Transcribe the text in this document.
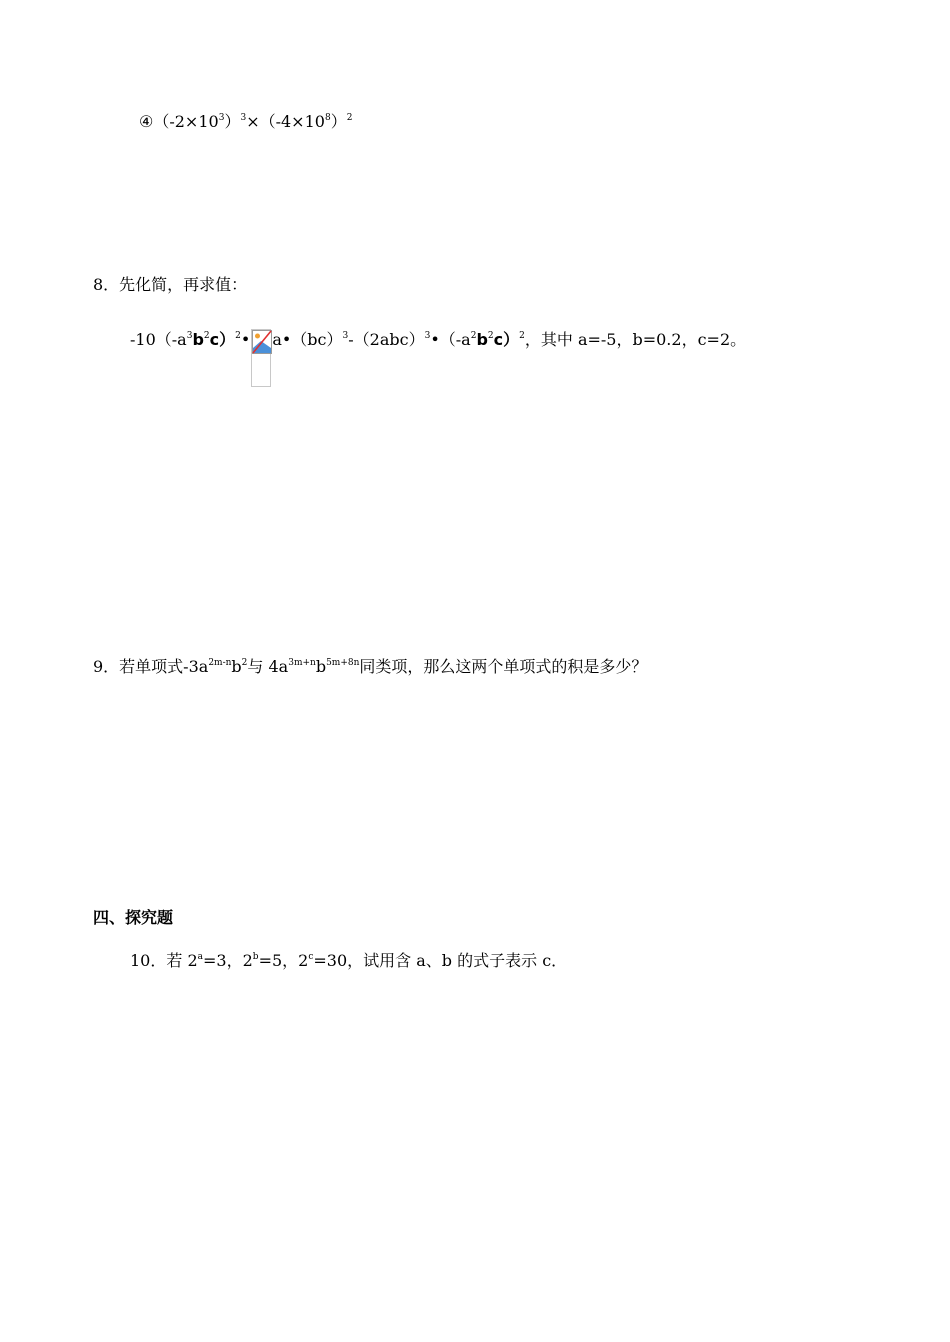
$④(-2\times 10^3)^3\times(-4\times 10^8)^2$
8．先化简，再求值：
$-10(-a^3b^2c)^2•$ $a•(bc)^3-(2abc)^3•(-a^2b^2c)^2$，其中 a=-5，b=0.2，c=2。
9．若单项式$-3a^{2m-n}b^2$与 $4a^{3m+n}b^{5m+8n}$同类项，那么这两个单项式的积是多少？
四、探究题
10．若 $2^a=3$，$2^b=5$，$2^c=30$，试用含 a、b 的式子表示 c．
